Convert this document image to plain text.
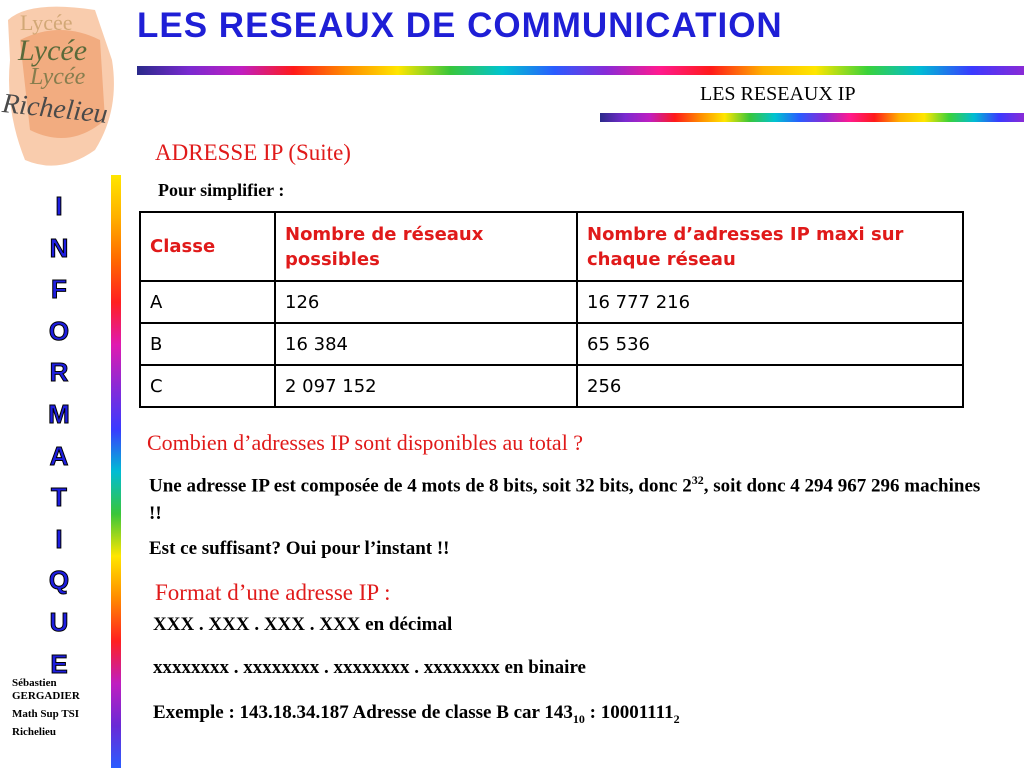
Lycée
Lycée
Lycée
Richelieu
LES RESEAUX DE COMMUNICATION
LES RESEAUX IP
I
N
F
O
R
M
A
T
I
Q
U
E
Sébastien GERGADIER
Math Sup TSI
Richelieu
ADRESSE IP (Suite)
Pour simplifier :
Classe	Nombre de réseaux possibles	Nombre d’adresses IP maxi sur chaque réseau
A	126	16 777 216
B	16 384	65 536
C	2 097 152	256
Combien d’adresses IP sont disponibles au total ?
Une adresse IP est composée de 4 mots de 8 bits, soit 32 bits, donc $2^{32}$, soit donc 4 294 967 296 machines !!
Est ce suffisant? Oui pour l’instant !!
Format d’une adresse IP :
XXX . XXX . XXX . XXX en décimal
xxxxxxxx . xxxxxxxx . xxxxxxxx . xxxxxxxx en binaire
Exemple : 143.18.34.187 Adresse de classe B car $143_{10}$ : $10001111_2$
